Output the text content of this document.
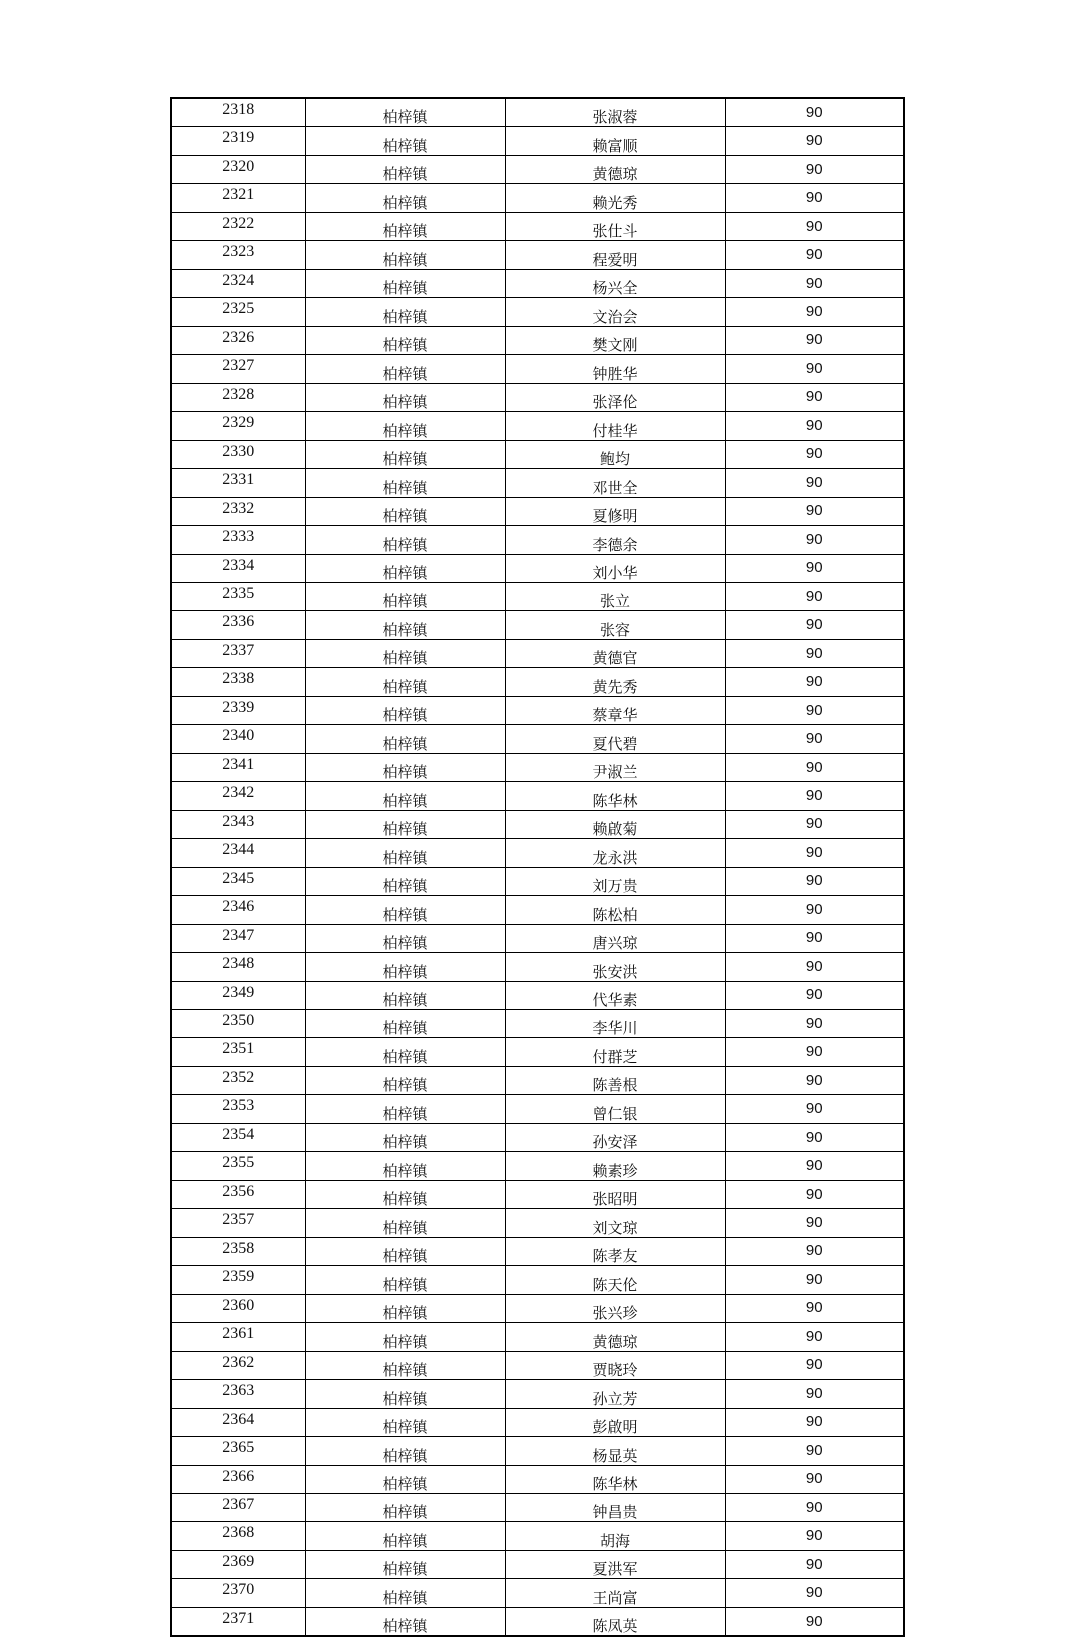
2318	柏梓镇	张淑蓉	90
2319	柏梓镇	赖富顺	90
2320	柏梓镇	黄德琼	90
2321	柏梓镇	赖光秀	90
2322	柏梓镇	张仕斗	90
2323	柏梓镇	程爱明	90
2324	柏梓镇	杨兴全	90
2325	柏梓镇	文治会	90
2326	柏梓镇	樊文刚	90
2327	柏梓镇	钟胜华	90
2328	柏梓镇	张泽伦	90
2329	柏梓镇	付桂华	90
2330	柏梓镇	鲍均	90
2331	柏梓镇	邓世全	90
2332	柏梓镇	夏修明	90
2333	柏梓镇	李德余	90
2334	柏梓镇	刘小华	90
2335	柏梓镇	张立	90
2336	柏梓镇	张容	90
2337	柏梓镇	黄德官	90
2338	柏梓镇	黄先秀	90
2339	柏梓镇	蔡章华	90
2340	柏梓镇	夏代碧	90
2341	柏梓镇	尹淑兰	90
2342	柏梓镇	陈华林	90
2343	柏梓镇	赖啟菊	90
2344	柏梓镇	龙永洪	90
2345	柏梓镇	刘万贵	90
2346	柏梓镇	陈松柏	90
2347	柏梓镇	唐兴琼	90
2348	柏梓镇	张安洪	90
2349	柏梓镇	代华素	90
2350	柏梓镇	李华川	90
2351	柏梓镇	付群芝	90
2352	柏梓镇	陈善根	90
2353	柏梓镇	曾仁银	90
2354	柏梓镇	孙安泽	90
2355	柏梓镇	赖素珍	90
2356	柏梓镇	张昭明	90
2357	柏梓镇	刘文琼	90
2358	柏梓镇	陈孝友	90
2359	柏梓镇	陈天伦	90
2360	柏梓镇	张兴珍	90
2361	柏梓镇	黄德琼	90
2362	柏梓镇	贾晓玲	90
2363	柏梓镇	孙立芳	90
2364	柏梓镇	彭啟明	90
2365	柏梓镇	杨显英	90
2366	柏梓镇	陈华林	90
2367	柏梓镇	钟昌贵	90
2368	柏梓镇	胡海	90
2369	柏梓镇	夏洪军	90
2370	柏梓镇	王尚富	90
2371	柏梓镇	陈凤英	90
